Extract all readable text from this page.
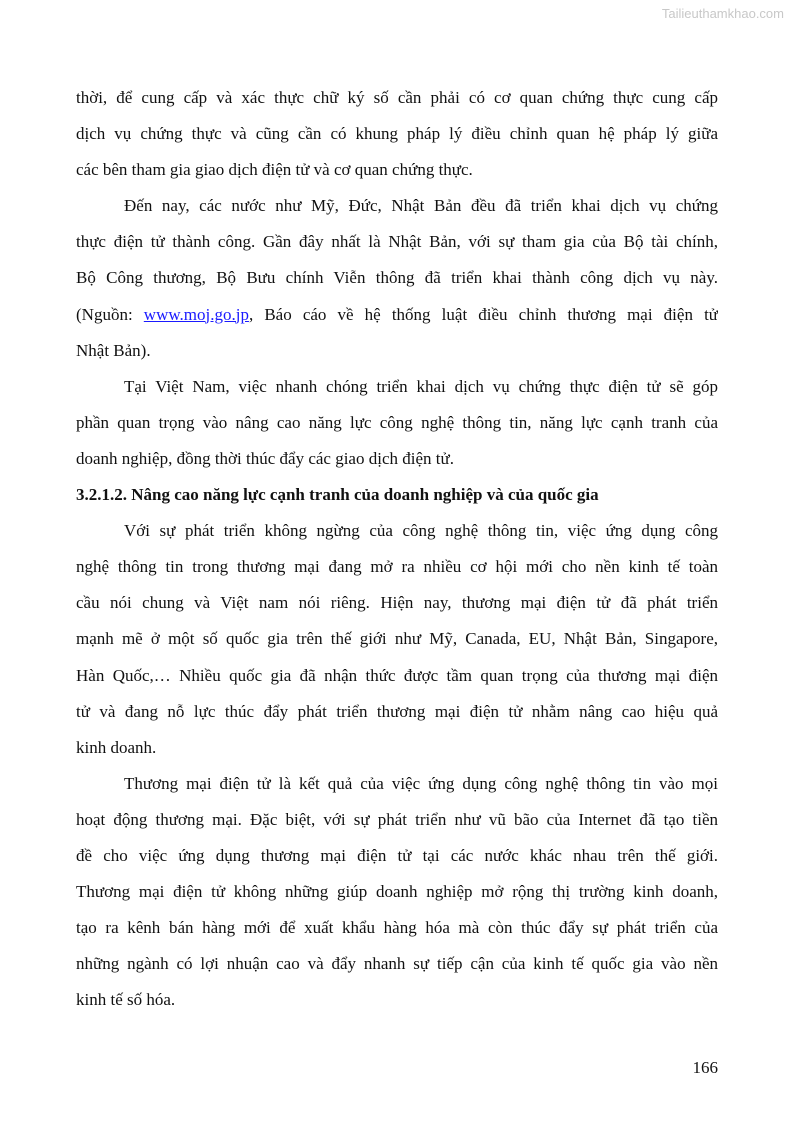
Tailieuthamkhao.com
thời, để cung cấp và xác thực chữ ký số cần phải có cơ quan chứng thực cung cấp
dịch vụ chứng thực và cũng cần có khung pháp lý điều chỉnh quan hệ pháp lý giữa
các bên tham gia giao dịch điện tử và cơ quan chứng thực.
Đến nay, các nước như Mỹ, Đức, Nhật Bản đều đã triển khai dịch vụ chứng
thực điện tử thành công. Gần đây nhất là Nhật Bản, với sự tham gia của Bộ tài chính,
Bộ Công thương, Bộ Bưu chính Viễn thông đã triển khai thành công dịch vụ này.
(Nguồn: www.moj.go.jp, Báo cáo về hệ thống luật điều chỉnh thương mại điện tử
Nhật Bản).
Tại Việt Nam, việc nhanh chóng triển khai dịch vụ chứng thực điện tử sẽ góp
phần quan trọng vào nâng cao năng lực công nghệ thông tin, năng lực cạnh tranh của
doanh nghiệp, đồng thời thúc đẩy các giao dịch điện tử.
3.2.1.2. Nâng cao năng lực cạnh tranh của doanh nghiệp và của quốc gia
Với sự phát triển không ngừng của công nghệ thông tin, việc ứng dụng công
nghệ thông tin trong thương mại đang mở ra nhiều cơ hội mới cho nền kinh tế toàn
cầu nói chung và Việt nam nói riêng. Hiện nay, thương mại điện tử đã phát triển
mạnh mẽ ở một số quốc gia trên thế giới như Mỹ, Canada, EU, Nhật Bản, Singapore,
Hàn Quốc,… Nhiều quốc gia đã nhận thức được tầm quan trọng của thương mại điện
tử và đang nỗ lực thúc đẩy phát triển thương mại điện tử nhằm nâng cao hiệu quả
kinh doanh.
Thương mại điện tử là kết quả của việc ứng dụng công nghệ thông tin vào mọi
hoạt động thương mại. Đặc biệt, với sự phát triển như vũ bão của Internet đã tạo tiền
đề cho việc ứng dụng thương mại điện tử tại các nước khác nhau trên thế giới.
Thương mại điện tử không những giúp doanh nghiệp mở rộng thị trường kinh doanh,
tạo ra kênh bán hàng mới để xuất khẩu hàng hóa mà còn thúc đẩy sự phát triển của
những ngành có lợi nhuận cao và đẩy nhanh sự tiếp cận của kinh tế quốc gia vào nền
kinh tế số hóa.
166
